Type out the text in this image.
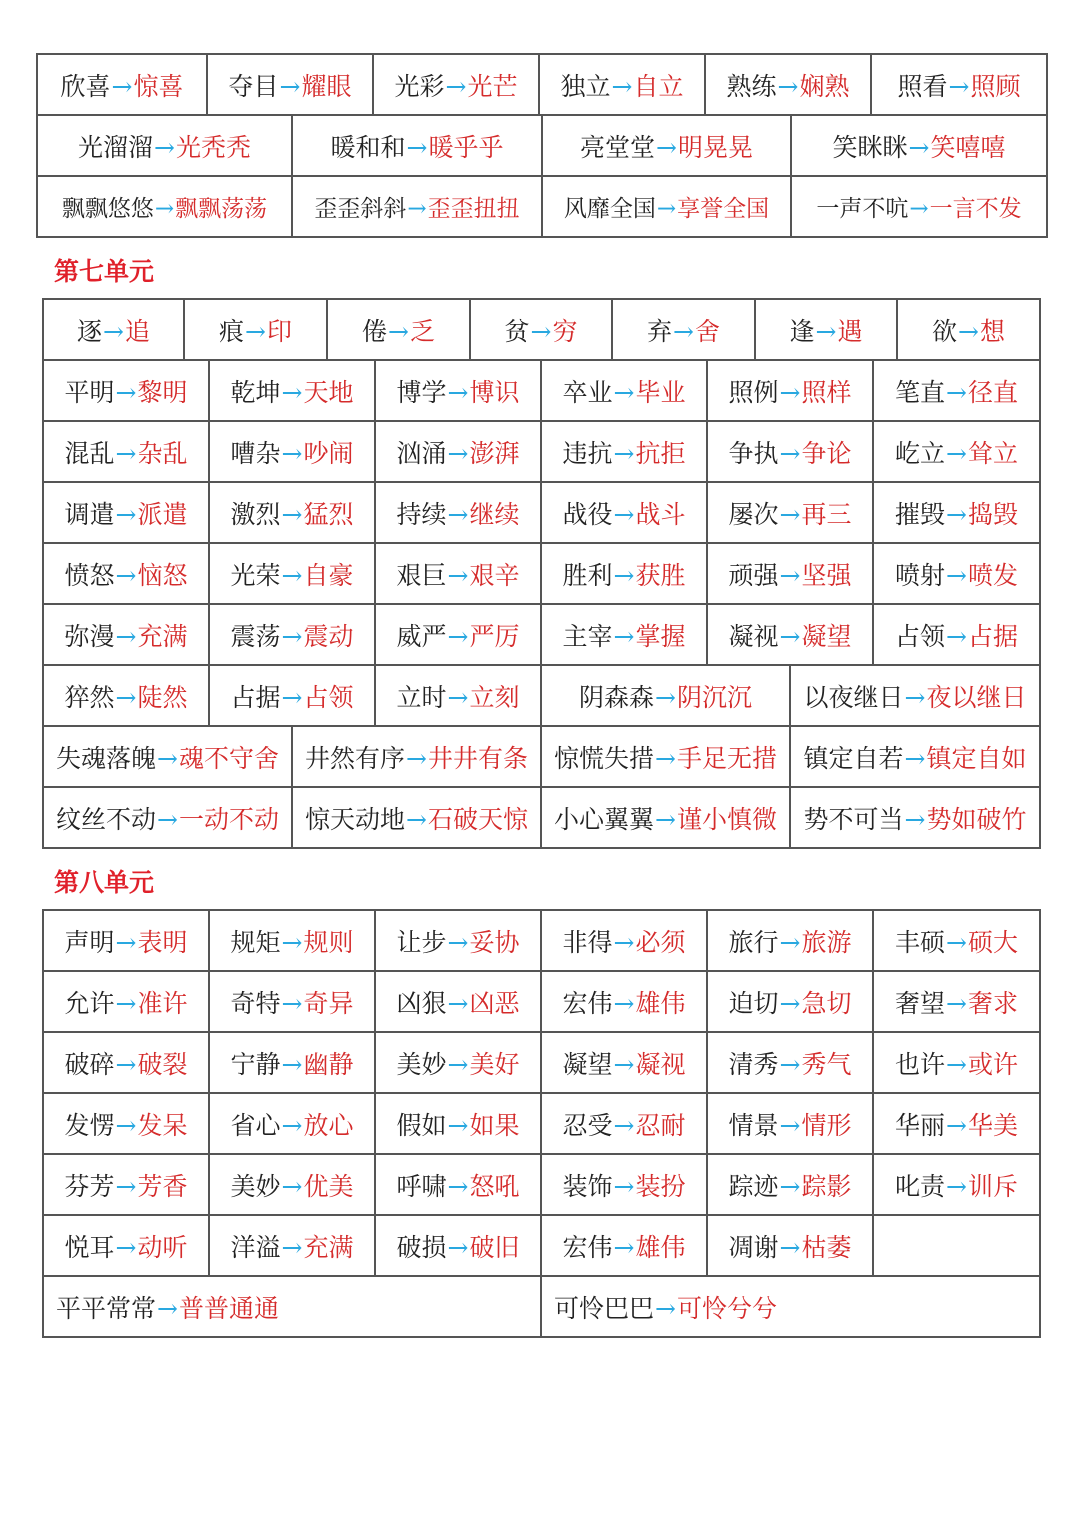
欣喜→惊喜	夺目→耀眼	光彩→光芒	独立→自立	熟练→娴熟	照看→照顾
光溜溜→光秃秃	暖和和→暖乎乎	亮堂堂→明晃晃	笑眯眯→笑嘻嘻
飘飘悠悠→飘飘荡荡	歪歪斜斜→歪歪扭扭	风靡全国→享誉全国	一声不吭→一言不发
第七单元
逐→追	痕→印	倦→乏	贫→穷	弃→舍	逢→遇	欲→想
平明→黎明	乾坤→天地	博学→博识	卒业→毕业	照例→照样	笔直→径直
混乱→杂乱	嘈杂→吵闹	汹涌→澎湃	违抗→抗拒	争执→争论	屹立→耸立
调遣→派遣	激烈→猛烈	持续→继续	战役→战斗	屡次→再三	摧毁→捣毁
愤怒→恼怒	光荣→自豪	艰巨→艰辛	胜利→获胜	顽强→坚强	喷射→喷发
弥漫→充满	震荡→震动	威严→严厉	主宰→掌握	凝视→凝望	占领→占据
猝然→陡然	占据→占领	立时→立刻	阴森森→阴沉沉	以夜继日→夜以继日
失魂落魄→魂不守舍	井然有序→井井有条	惊慌失措→手足无措	镇定自若→镇定自如
纹丝不动→一动不动	惊天动地→石破天惊	小心翼翼→谨小慎微	势不可当→势如破竹
第八单元
声明→表明	规矩→规则	让步→妥协	非得→必须	旅行→旅游	丰硕→硕大
允许→准许	奇特→奇异	凶狠→凶恶	宏伟→雄伟	迫切→急切	奢望→奢求
破碎→破裂	宁静→幽静	美妙→美好	凝望→凝视	清秀→秀气	也许→或许
发愣→发呆	省心→放心	假如→如果	忍受→忍耐	情景→情形	华丽→华美
芬芳→芳香	美妙→优美	呼啸→怒吼	装饰→装扮	踪迹→踪影	叱责→训斥
悦耳→动听	洋溢→充满	破损→破旧	宏伟→雄伟	凋谢→枯萎	
平平常常→普普通通	可怜巴巴→可怜兮兮
